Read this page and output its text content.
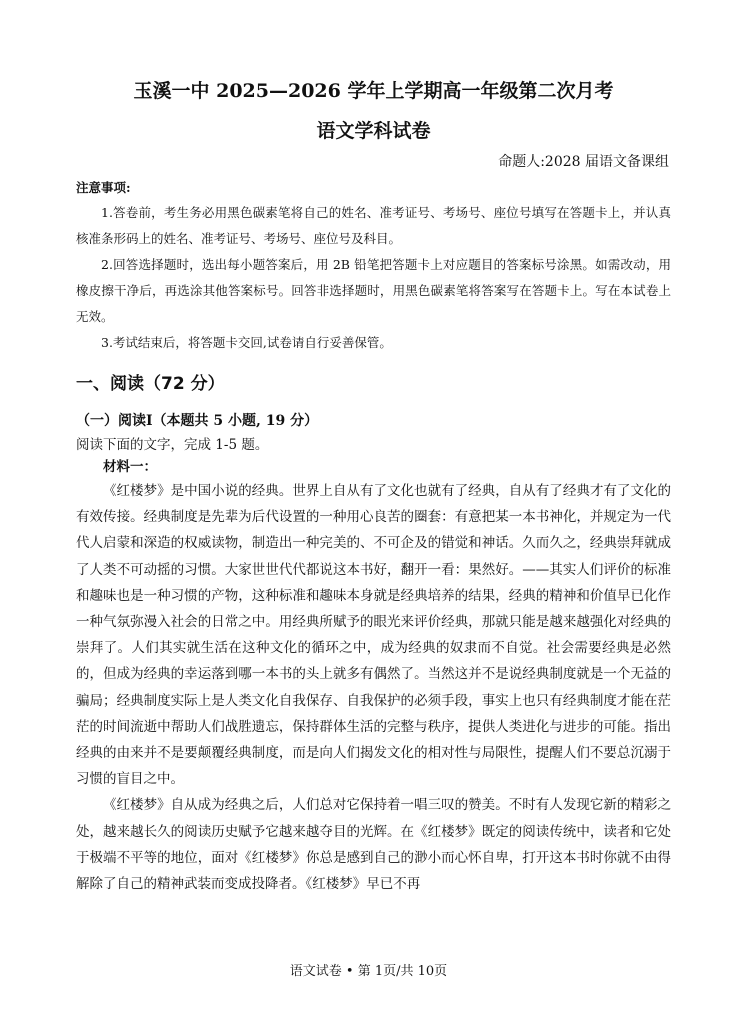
玉溪一中 2025—2026 学年上学期高一年级第二次月考
语文学科试卷
命题人:2028 届语文备课组
注意事项:

1.答卷前，考生务必用黑色碳素笔将自己的姓名、准考证号、考场号、座位号填写在答题卡上，并认真核准条形码上的姓名、准考证号、考场号、座位号及科目。

2.回答选择题时，选出每小题答案后，用 2B 铅笔把答题卡上对应题目的答案标号涂黑。如需改动，用橡皮擦干净后，再选涂其他答案标号。回答非选择题时，用黑色碳素笔将答案写在答题卡上。写在本试卷上无效。

3.考试结束后，将答题卡交回,试卷请自行妥善保管。

一、阅读（72 分）
（一）阅读Ⅰ（本题共 5 小题, 19 分）
阅读下面的文字，完成 1-5 题。
材料一：

《红楼梦》是中国小说的经典。世界上自从有了文化也就有了经典，自从有了经典才有了文化的有效传接。经典制度是先辈为后代设置的一种用心良苦的圈套：有意把某一本书神化，并规定为一代代人启蒙和深造的权威读物，制造出一种完美的、不可企及的错觉和神话。久而久之，经典崇拜就成了人类不可动摇的习惯。大家世世代代都说这本书好，翻开一看：果然好。——其实人们评价的标准和趣味也是一种习惯的产物，这种标准和趣味本身就是经典培养的结果，经典的精神和价值早已化作一种气氛弥漫入社会的日常之中。用经典所赋予的眼光来评价经典，那就只能是越来越强化对经典的崇拜了。人们其实就生活在这种文化的循环之中，成为经典的奴隶而不自觉。社会需要经典是必然的，但成为经典的幸运落到哪一本书的头上就多有偶然了。当然这并不是说经典制度就是一个无益的骗局；经典制度实际上是人类文化自我保存、自我保护的必须手段，事实上也只有经典制度才能在茫茫的时间流逝中帮助人们战胜遗忘，保持群体生活的完整与秩序，提供人类进化与进步的可能。指出经典的由来并不是要颠覆经典制度，而是向人们揭发文化的相对性与局限性，提醒人们不要总沉溺于习惯的盲目之中。

《红楼梦》自从成为经典之后，人们总对它保持着一唱三叹的赞美。不时有人发现它新的精彩之处，越来越长久的阅读历史赋予它越来越夺目的光辉。在《红楼梦》既定的阅读传统中，读者和它处于极端不平等的地位，面对《红楼梦》你总是感到自己的渺小而心怀自卑，打开这本书时你就不由得解除了自己的精神武装而变成投降者。《红楼梦》早已不再

语文试卷 • 第 1页/共 10页
